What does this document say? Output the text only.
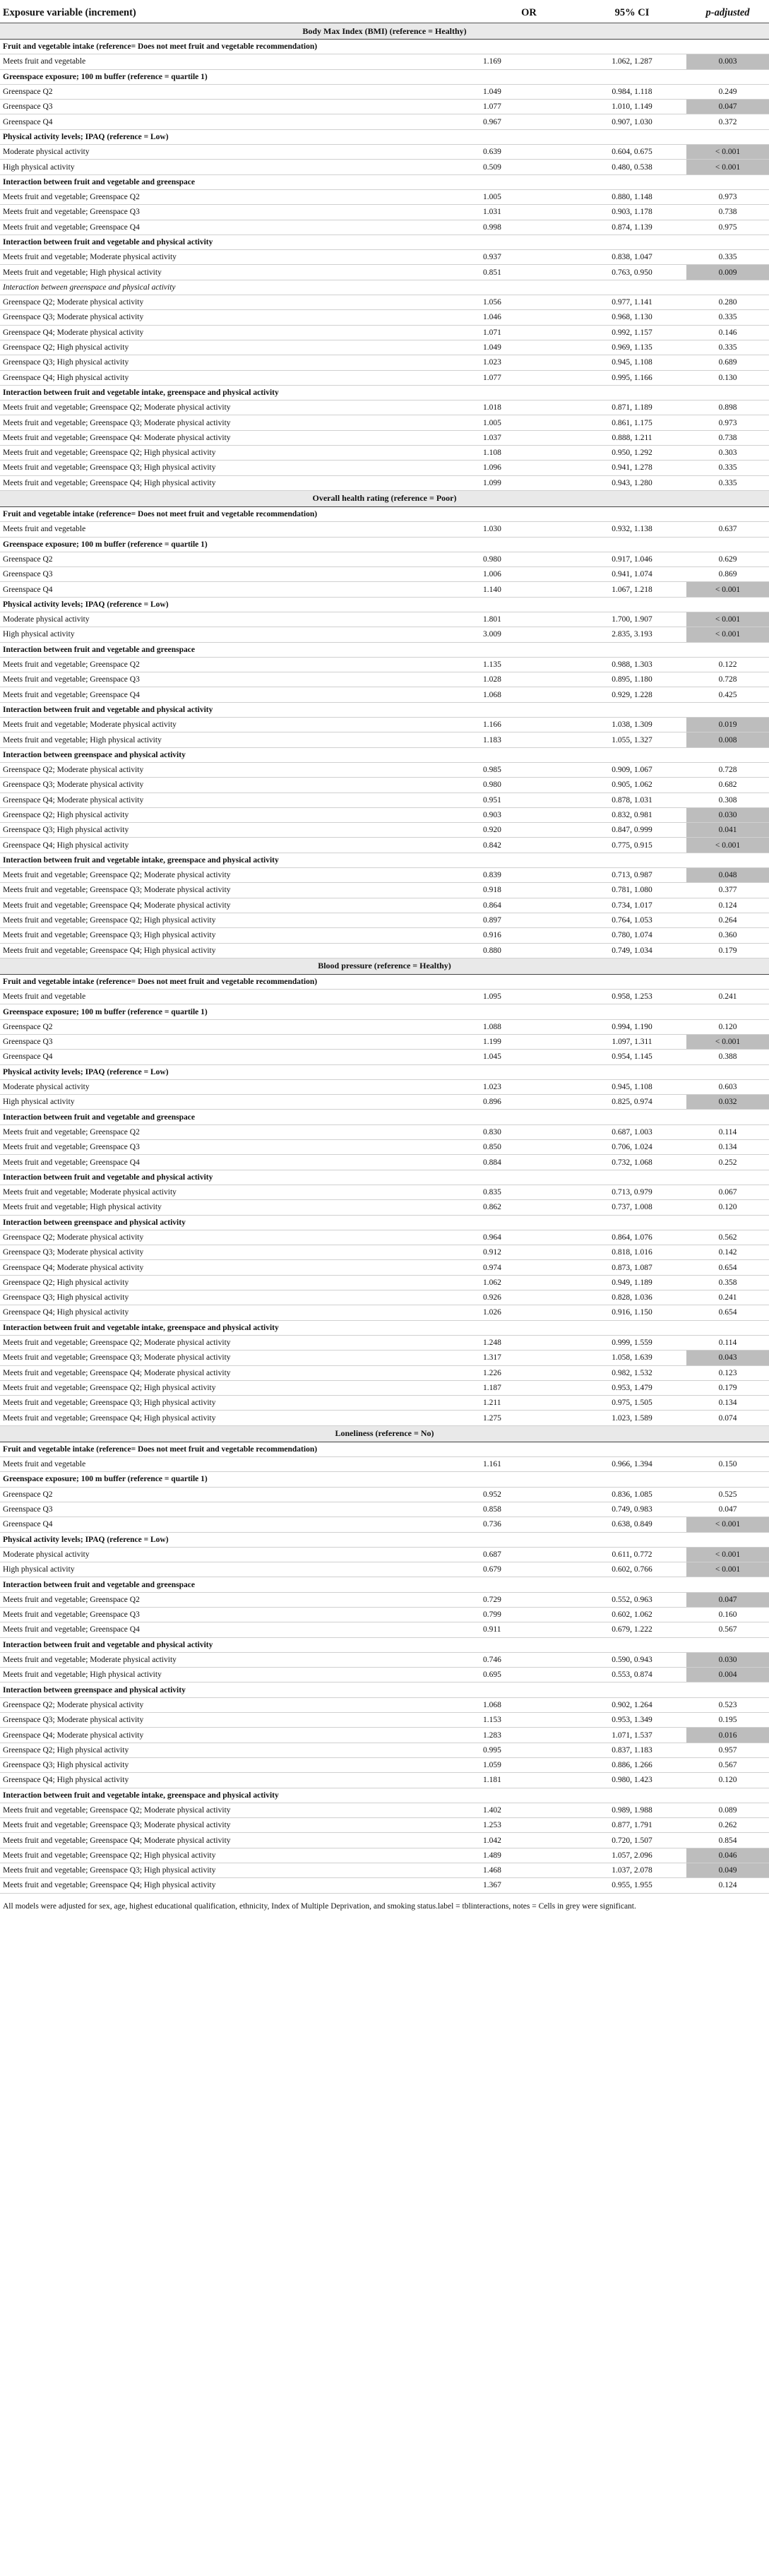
Exposure variable (increment)	OR	95% CI	p-adjusted
Body Max Index (BMI) (reference = Healthy)			
Fruit and vegetable intake (reference= Does not meet fruit and vegetable recommendation)			
Meets fruit and vegetable	1.169	1.062, 1.287	0.003
Greenspace exposure; 100 m buffer (reference = quartile 1)			
Greenspace Q2	1.049	0.984, 1.118	0.249
Greenspace Q3	1.077	1.010, 1.149	0.047
Greenspace Q4	0.967	0.907, 1.030	0.372
Physical activity levels; IPAQ (reference = Low)			
Moderate physical activity	0.639	0.604, 0.675	< 0.001
High physical activity	0.509	0.480, 0.538	< 0.001
Interaction between fruit and vegetable and greenspace			
Meets fruit and vegetable; Greenspace Q2	1.005	0.880, 1.148	0.973
Meets fruit and vegetable; Greenspace Q3	1.031	0.903, 1.178	0.738
Meets fruit and vegetable; Greenspace Q4	0.998	0.874, 1.139	0.975
Interaction between fruit and vegetable and physical activity			
Meets fruit and vegetable; Moderate physical activity	0.937	0.838, 1.047	0.335
Meets fruit and vegetable; High physical activity	0.851	0.763, 0.950	0.009
Interaction between greenspace and physical activity			
Greenspace Q2; Moderate physical activity	1.056	0.977, 1.141	0.280
Greenspace Q3; Moderate physical activity	1.046	0.968, 1.130	0.335
Greenspace Q4; Moderate physical activity	1.071	0.992, 1.157	0.146
Greenspace Q2; High physical activity	1.049	0.969, 1.135	0.335
Greenspace Q3; High physical activity	1.023	0.945, 1.108	0.689
Greenspace Q4; High physical activity	1.077	0.995, 1.166	0.130
Interaction between fruit and vegetable intake, greenspace and physical activity			
Meets fruit and vegetable; Greenspace Q2; Moderate physical activity	1.018	0.871, 1.189	0.898
Meets fruit and vegetable; Greenspace Q3; Moderate physical activity	1.005	0.861, 1.175	0.973
Meets fruit and vegetable; Greenspace Q4: Moderate physical activity	1.037	0.888, 1.211	0.738
Meets fruit and vegetable; Greenspace Q2; High physical activity	1.108	0.950, 1.292	0.303
Meets fruit and vegetable; Greenspace Q3; High physical activity	1.096	0.941, 1.278	0.335
Meets fruit and vegetable; Greenspace Q4; High physical activity	1.099	0.943, 1.280	0.335
Overall health rating (reference = Poor)			
Fruit and vegetable intake (reference= Does not meet fruit and vegetable recommendation)			
Meets fruit and vegetable	1.030	0.932, 1.138	0.637
Greenspace exposure; 100 m buffer (reference = quartile 1)			
Greenspace Q2	0.980	0.917, 1.046	0.629
Greenspace Q3	1.006	0.941, 1.074	0.869
Greenspace Q4	1.140	1.067, 1.218	< 0.001
Physical activity levels; IPAQ (reference = Low)			
Moderate physical activity	1.801	1.700, 1.907	< 0.001
High physical activity	3.009	2.835, 3.193	< 0.001
Interaction between fruit and vegetable and greenspace			
Meets fruit and vegetable; Greenspace Q2	1.135	0.988, 1.303	0.122
Meets fruit and vegetable; Greenspace Q3	1.028	0.895, 1.180	0.728
Meets fruit and vegetable; Greenspace Q4	1.068	0.929, 1.228	0.425
Interaction between fruit and vegetable and physical activity			
Meets fruit and vegetable; Moderate physical activity	1.166	1.038, 1.309	0.019
Meets fruit and vegetable; High physical activity	1.183	1.055, 1.327	0.008
Interaction between greenspace and physical activity			
Greenspace Q2; Moderate physical activity	0.985	0.909, 1.067	0.728
Greenspace Q3; Moderate physical activity	0.980	0.905, 1.062	0.682
Greenspace Q4; Moderate physical activity	0.951	0.878, 1.031	0.308
Greenspace Q2; High physical activity	0.903	0.832, 0.981	0.030
Greenspace Q3; High physical activity	0.920	0.847, 0.999	0.041
Greenspace Q4; High physical activity	0.842	0.775, 0.915	< 0.001
Interaction between fruit and vegetable intake, greenspace and physical activity			
Meets fruit and vegetable; Greenspace Q2; Moderate physical activity	0.839	0.713, 0.987	0.048
Meets fruit and vegetable; Greenspace Q3; Moderate physical activity	0.918	0.781, 1.080	0.377
Meets fruit and vegetable; Greenspace Q4; Moderate physical activity	0.864	0.734, 1.017	0.124
Meets fruit and vegetable; Greenspace Q2; High physical activity	0.897	0.764, 1.053	0.264
Meets fruit and vegetable; Greenspace Q3; High physical activity	0.916	0.780, 1.074	0.360
Meets fruit and vegetable; Greenspace Q4; High physical activity	0.880	0.749, 1.034	0.179
Blood pressure (reference = Healthy)			
Fruit and vegetable intake (reference= Does not meet fruit and vegetable recommendation)			
Meets fruit and vegetable	1.095	0.958, 1.253	0.241
Greenspace exposure; 100 m buffer (reference = quartile 1)			
Greenspace Q2	1.088	0.994, 1.190	0.120
Greenspace Q3	1.199	1.097, 1.311	< 0.001
Greenspace Q4	1.045	0.954, 1.145	0.388
Physical activity levels; IPAQ (reference = Low)			
Moderate physical activity	1.023	0.945, 1.108	0.603
High physical activity	0.896	0.825, 0.974	0.032
Interaction between fruit and vegetable and greenspace			
Meets fruit and vegetable; Greenspace Q2	0.830	0.687, 1.003	0.114
Meets fruit and vegetable; Greenspace Q3	0.850	0.706, 1.024	0.134
Meets fruit and vegetable; Greenspace Q4	0.884	0.732, 1.068	0.252
Interaction between fruit and vegetable and physical activity			
Meets fruit and vegetable; Moderate physical activity	0.835	0.713, 0.979	0.067
Meets fruit and vegetable; High physical activity	0.862	0.737, 1.008	0.120
Interaction between greenspace and physical activity			
Greenspace Q2; Moderate physical activity	0.964	0.864, 1.076	0.562
Greenspace Q3; Moderate physical activity	0.912	0.818, 1.016	0.142
Greenspace Q4; Moderate physical activity	0.974	0.873, 1.087	0.654
Greenspace Q2; High physical activity	1.062	0.949, 1.189	0.358
Greenspace Q3; High physical activity	0.926	0.828, 1.036	0.241
Greenspace Q4; High physical activity	1.026	0.916, 1.150	0.654
Interaction between fruit and vegetable intake, greenspace and physical activity			
Meets fruit and vegetable; Greenspace Q2; Moderate physical activity	1.248	0.999, 1.559	0.114
Meets fruit and vegetable; Greenspace Q3; Moderate physical activity	1.317	1.058, 1.639	0.043
Meets fruit and vegetable; Greenspace Q4; Moderate physical activity	1.226	0.982, 1.532	0.123
Meets fruit and vegetable; Greenspace Q2; High physical activity	1.187	0.953, 1.479	0.179
Meets fruit and vegetable; Greenspace Q3; High physical activity	1.211	0.975, 1.505	0.134
Meets fruit and vegetable; Greenspace Q4; High physical activity	1.275	1.023, 1.589	0.074
Loneliness (reference = No)			
Fruit and vegetable intake (reference= Does not meet fruit and vegetable recommendation)			
Meets fruit and vegetable	1.161	0.966, 1.394	0.150
Greenspace exposure; 100 m buffer (reference = quartile 1)			
Greenspace Q2	0.952	0.836, 1.085	0.525
Greenspace Q3	0.858	0.749, 0.983	0.047
Greenspace Q4	0.736	0.638, 0.849	< 0.001
Physical activity levels; IPAQ (reference = Low)			
Moderate physical activity	0.687	0.611, 0.772	< 0.001
High physical activity	0.679	0.602, 0.766	< 0.001
Interaction between fruit and vegetable and greenspace			
Meets fruit and vegetable; Greenspace Q2	0.729	0.552, 0.963	0.047
Meets fruit and vegetable; Greenspace Q3	0.799	0.602, 1.062	0.160
Meets fruit and vegetable; Greenspace Q4	0.911	0.679, 1.222	0.567
Interaction between fruit and vegetable and physical activity			
Meets fruit and vegetable; Moderate physical activity	0.746	0.590, 0.943	0.030
Meets fruit and vegetable; High physical activity	0.695	0.553, 0.874	0.004
Interaction between greenspace and physical activity			
Greenspace Q2; Moderate physical activity	1.068	0.902, 1.264	0.523
Greenspace Q3; Moderate physical activity	1.153	0.953, 1.349	0.195
Greenspace Q4; Moderate physical activity	1.283	1.071, 1.537	0.016
Greenspace Q2; High physical activity	0.995	0.837, 1.183	0.957
Greenspace Q3; High physical activity	1.059	0.886, 1.266	0.567
Greenspace Q4; High physical activity	1.181	0.980, 1.423	0.120
Interaction between fruit and vegetable intake, greenspace and physical activity			
Meets fruit and vegetable; Greenspace Q2; Moderate physical activity	1.402	0.989, 1.988	0.089
Meets fruit and vegetable; Greenspace Q3; Moderate physical activity	1.253	0.877, 1.791	0.262
Meets fruit and vegetable; Greenspace Q4; Moderate physical activity	1.042	0.720, 1.507	0.854
Meets fruit and vegetable; Greenspace Q2; High physical activity	1.489	1.057, 2.096	0.046
Meets fruit and vegetable; Greenspace Q3; High physical activity	1.468	1.037, 2.078	0.049
Meets fruit and vegetable; Greenspace Q4; High physical activity	1.367	0.955, 1.955	0.124
All models were adjusted for sex, age, highest educational qualification, ethnicity, Index of Multiple Deprivation, and smoking status.label = tblinteractions, notes = Cells in grey were significant.
